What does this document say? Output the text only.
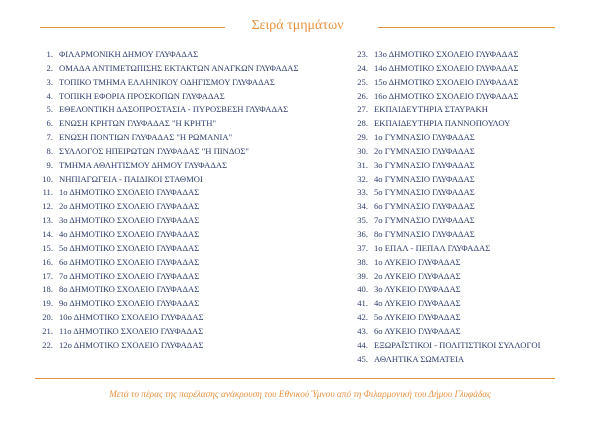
Σειρά τμημάτων
1. ΦΙΛΑΡΜΟΝΙΚΗ ΔΗΜΟΥ ΓΛΥΦΑΔΑΣ
2. ΟΜΑΔΑ ΑΝΤΙΜΕΤΩΠΙΣΗΣ ΕΚΤΑΚΤΩΝ ΑΝΑΓΚΩΝ ΓΛΥΦΑΔΑΣ
3. ΤΟΠΙΚΟ ΤΜΗΜΑ ΕΛΛΗΝΙΚΟΥ ΟΔΗΓΙΣΜΟΥ ΓΛΥΦΑΔΑΣ
4. ΤΟΠΙΚΗ ΕΦΟΡΙΑ ΠΡΟΣΚΟΠΩΝ ΓΛΥΦΑΔΑΣ
5. ΕΘΕΛΟΝΤΙΚΗ ΔΑΣΟΠΡΟΣΤΑΣΙΑ - ΠΥΡΟΣΒΕΣΗ ΓΛΥΦΑΔΑΣ
6. ΕΝΩΣΗ ΚΡΗΤΩΝ ΓΛΥΦΑΔΑΣ "Η ΚΡΗΤΗ"
7. ΕΝΩΣΗ ΠΟΝΤΙΩΝ ΓΛΥΦΑΔΑΣ "Η ΡΩΜΑΝΙΑ"
8. ΣΥΛΛΟΓΟΣ ΗΠΕΙΡΩΤΩΝ ΓΛΥΦΑΔΑΣ "Η ΠΙΝΔΟΣ"
9. ΤΜΗΜΑ ΑΘΛΗΤΙΣΜΟΥ ΔΗΜΟΥ ΓΛΥΦΑΔΑΣ
10. ΝΗΠΙΑΓΩΓΕΙΑ - ΠΑΙΔΙΚΟΙ ΣΤΑΘΜΟΙ
11. 1ο ΔΗΜΟΤΙΚΟ ΣΧΟΛΕΙΟ ΓΛΥΦΑΔΑΣ
12. 2ο ΔΗΜΟΤΙΚΟ ΣΧΟΛΕΙΟ ΓΛΥΦΑΔΑΣ
13. 3ο ΔΗΜΟΤΙΚΟ ΣΧΟΛΕΙΟ ΓΛΥΦΑΔΑΣ
14. 4ο ΔΗΜΟΤΙΚΟ ΣΧΟΛΕΙΟ ΓΛΥΦΑΔΑΣ
15. 5ο ΔΗΜΟΤΙΚΟ ΣΧΟΛΕΙΟ ΓΛΥΦΑΔΑΣ
16. 6ο ΔΗΜΟΤΙΚΟ ΣΧΟΛΕΙΟ ΓΛΥΦΑΔΑΣ
17. 7ο ΔΗΜΟΤΙΚΟ ΣΧΟΛΕΙΟ ΓΛΥΦΑΔΑΣ
18. 8ο ΔΗΜΟΤΙΚΟ ΣΧΟΛΕΙΟ ΓΛΥΦΑΔΑΣ
19. 9ο ΔΗΜΟΤΙΚΟ ΣΧΟΛΕΙΟ ΓΛΥΦΑΔΑΣ
20. 10ο ΔΗΜΟΤΙΚΟ ΣΧΟΛΕΙΟ ΓΛΥΦΑΔΑΣ
21. 11ο ΔΗΜΟΤΙΚΟ ΣΧΟΛΕΙΟ ΓΛΥΦΑΔΑΣ
22. 12ο ΔΗΜΟΤΙΚΟ ΣΧΟΛΕΙΟ ΓΛΥΦΑΔΑΣ
23. 13ο ΔΗΜΟΤΙΚΟ ΣΧΟΛΕΙΟ ΓΛΥΦΑΔΑΣ
24. 14ο ΔΗΜΟΤΙΚΟ ΣΧΟΛΕΙΟ ΓΛΥΦΑΔΑΣ
25. 15ο ΔΗΜΟΤΙΚΟ ΣΧΟΛΕΙΟ ΓΛΥΦΑΔΑΣ
26. 16ο ΔΗΜΟΤΙΚΟ ΣΧΟΛΕΙΟ ΓΛΥΦΑΔΑΣ
27. ΕΚΠΑΙΔΕΥΤΗΡΙΑ ΣΤΑΥΡΑΚΗ
28. ΕΚΠΑΙΔΕΥΤΗΡΙΑ ΠΑΝΝΟΠΟΥΛΟΥ
29. 1ο ΓΥΜΝΑΣΙΟ ΓΛΥΦΑΔΑΣ
30. 2ο ΓΥΜΝΑΣΙΟ ΓΛΥΦΑΔΑΣ
31. 3ο ΓΥΜΝΑΣΙΟ ΓΛΥΦΑΔΑΣ
32. 4ο ΓΥΜΝΑΣΙΟ ΓΛΥΦΑΔΑΣ
33. 5ο ΓΥΜΝΑΣΙΟ ΓΛΥΦΑΔΑΣ
34. 6ο ΓΥΜΝΑΣΙΟ ΓΛΥΦΑΔΑΣ
35. 7ο ΓΥΜΝΑΣΙΟ ΓΛΥΦΑΔΑΣ
36. 8ο ΓΥΜΝΑΣΙΟ ΓΛΥΦΑΔΑΣ
37. 1ο ΕΠΑΛ - ΠΕΠΑΛ ΓΛΥΦΑΔΑΣ
38. 1ο ΛΥΚΕΙΟ ΓΛΥΦΑΔΑΣ
39. 2ο ΛΥΚΕΙΟ ΓΛΥΦΑΔΑΣ
40. 3ο ΛΥΚΕΙΟ ΓΛΥΦΑΔΑΣ
41. 4ο ΛΥΚΕΙΟ ΓΛΥΦΑΔΑΣ
42. 5ο ΛΥΚΕΙΟ ΓΛΥΦΑΔΑΣ
43. 6ο ΛΥΚΕΙΟ ΓΛΥΦΑΔΑΣ
44. ΕΞΩΡΑΪΣΤΙΚΟΙ - ΠΟΛΙΤΙΣΤΙΚΟΙ ΣΥΛΛΟΓΟΙ
45. ΑΘΛΗΤΙΚΑ ΣΩΜΑΤΕΙΑ
Μετά το πέρας της παρέλασης ανάκρουση του Εθνικού Ύμνου από τη Φιλαρμονική του Δήμου Γλυφάδας
